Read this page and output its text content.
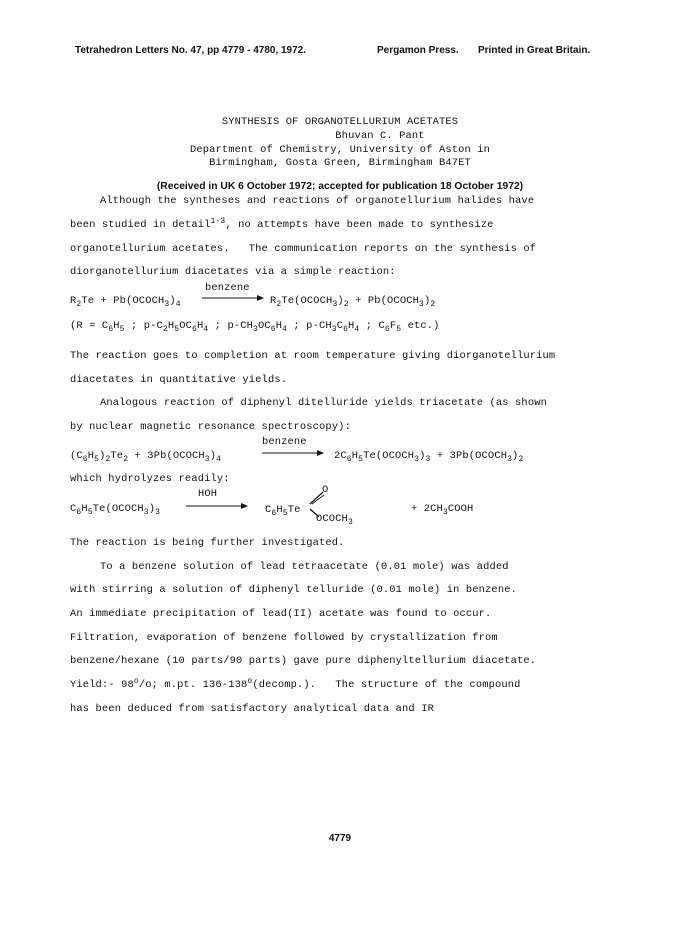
Tetrahedron Letters No. 47, pp 4779 - 4780, 1972.	Pergamon Press. Printed in Great Britain.
SYNTHESIS OF ORGANOTELLURIUM ACETATES
Bhuvan C. Pant
Department of Chemistry, University of Aston in
Birmingham, Gosta Green, Birmingham B47ET
(Received in UK 6 October 1972; accepted for publication 18 October 1972)
Although the syntheses and reactions of organotellurium halides have
been studied in detail$^{1-3}$, no attempts have been made to synthesize
organotellurium acetates.   The communication reports on the synthesis of
diorganotellurium diacetates via a simple reaction:
benzene
$R_2Te$ + $Pb(OCOCH_3)_4$	$R_2Te(OCOCH_3)_2$ + $Pb(OCOCH_3)_2$
($R = C_6H_5$ ; $p-C_2H_5OC_6H_4$ ; $p-CH_3OC_6H_4$ ; $p-CH_3C_6H_4$ ; $C_6F_5$ etc.)
The reaction goes to completion at room temperature giving diorganotellurium
diacetates in quantitative yields.
Analogous reaction of diphenyl ditelluride yields triacetate (as shown
by nuclear magnetic resonance spectroscopy):
benzene
$(C_6H_5)_2Te_2$ + $3Pb(OCOCH_3)_4$	$2C_6H_5Te(OCOCH_3)_3$ + $3Pb(OCOCH_3)_2$
which hydrolyzes readily:
HOH
$C_6H_5Te(OCOCH_3)_3$	$C_6H_5Te$
O
$OCOCH_3$
+ $2CH_3COOH$
The reaction is being further investigated.
To a benzene solution of lead tetraacetate (0.01 mole) was added
with stirring a solution of diphenyl telluride (0.01 mole) in benzene.
An immediate precipitation of lead(II) acetate was found to occur.
Filtration, evaporation of benzene followed by crystallization from
benzene/hexane (10 parts/90 parts) gave pure diphenyltellurium diacetate.
Yield:- 98$^o$/o; m.pt. 136-138$^o$(decomp.).   The structure of the compound
has been deduced from satisfactory analytical data and IR
4779
